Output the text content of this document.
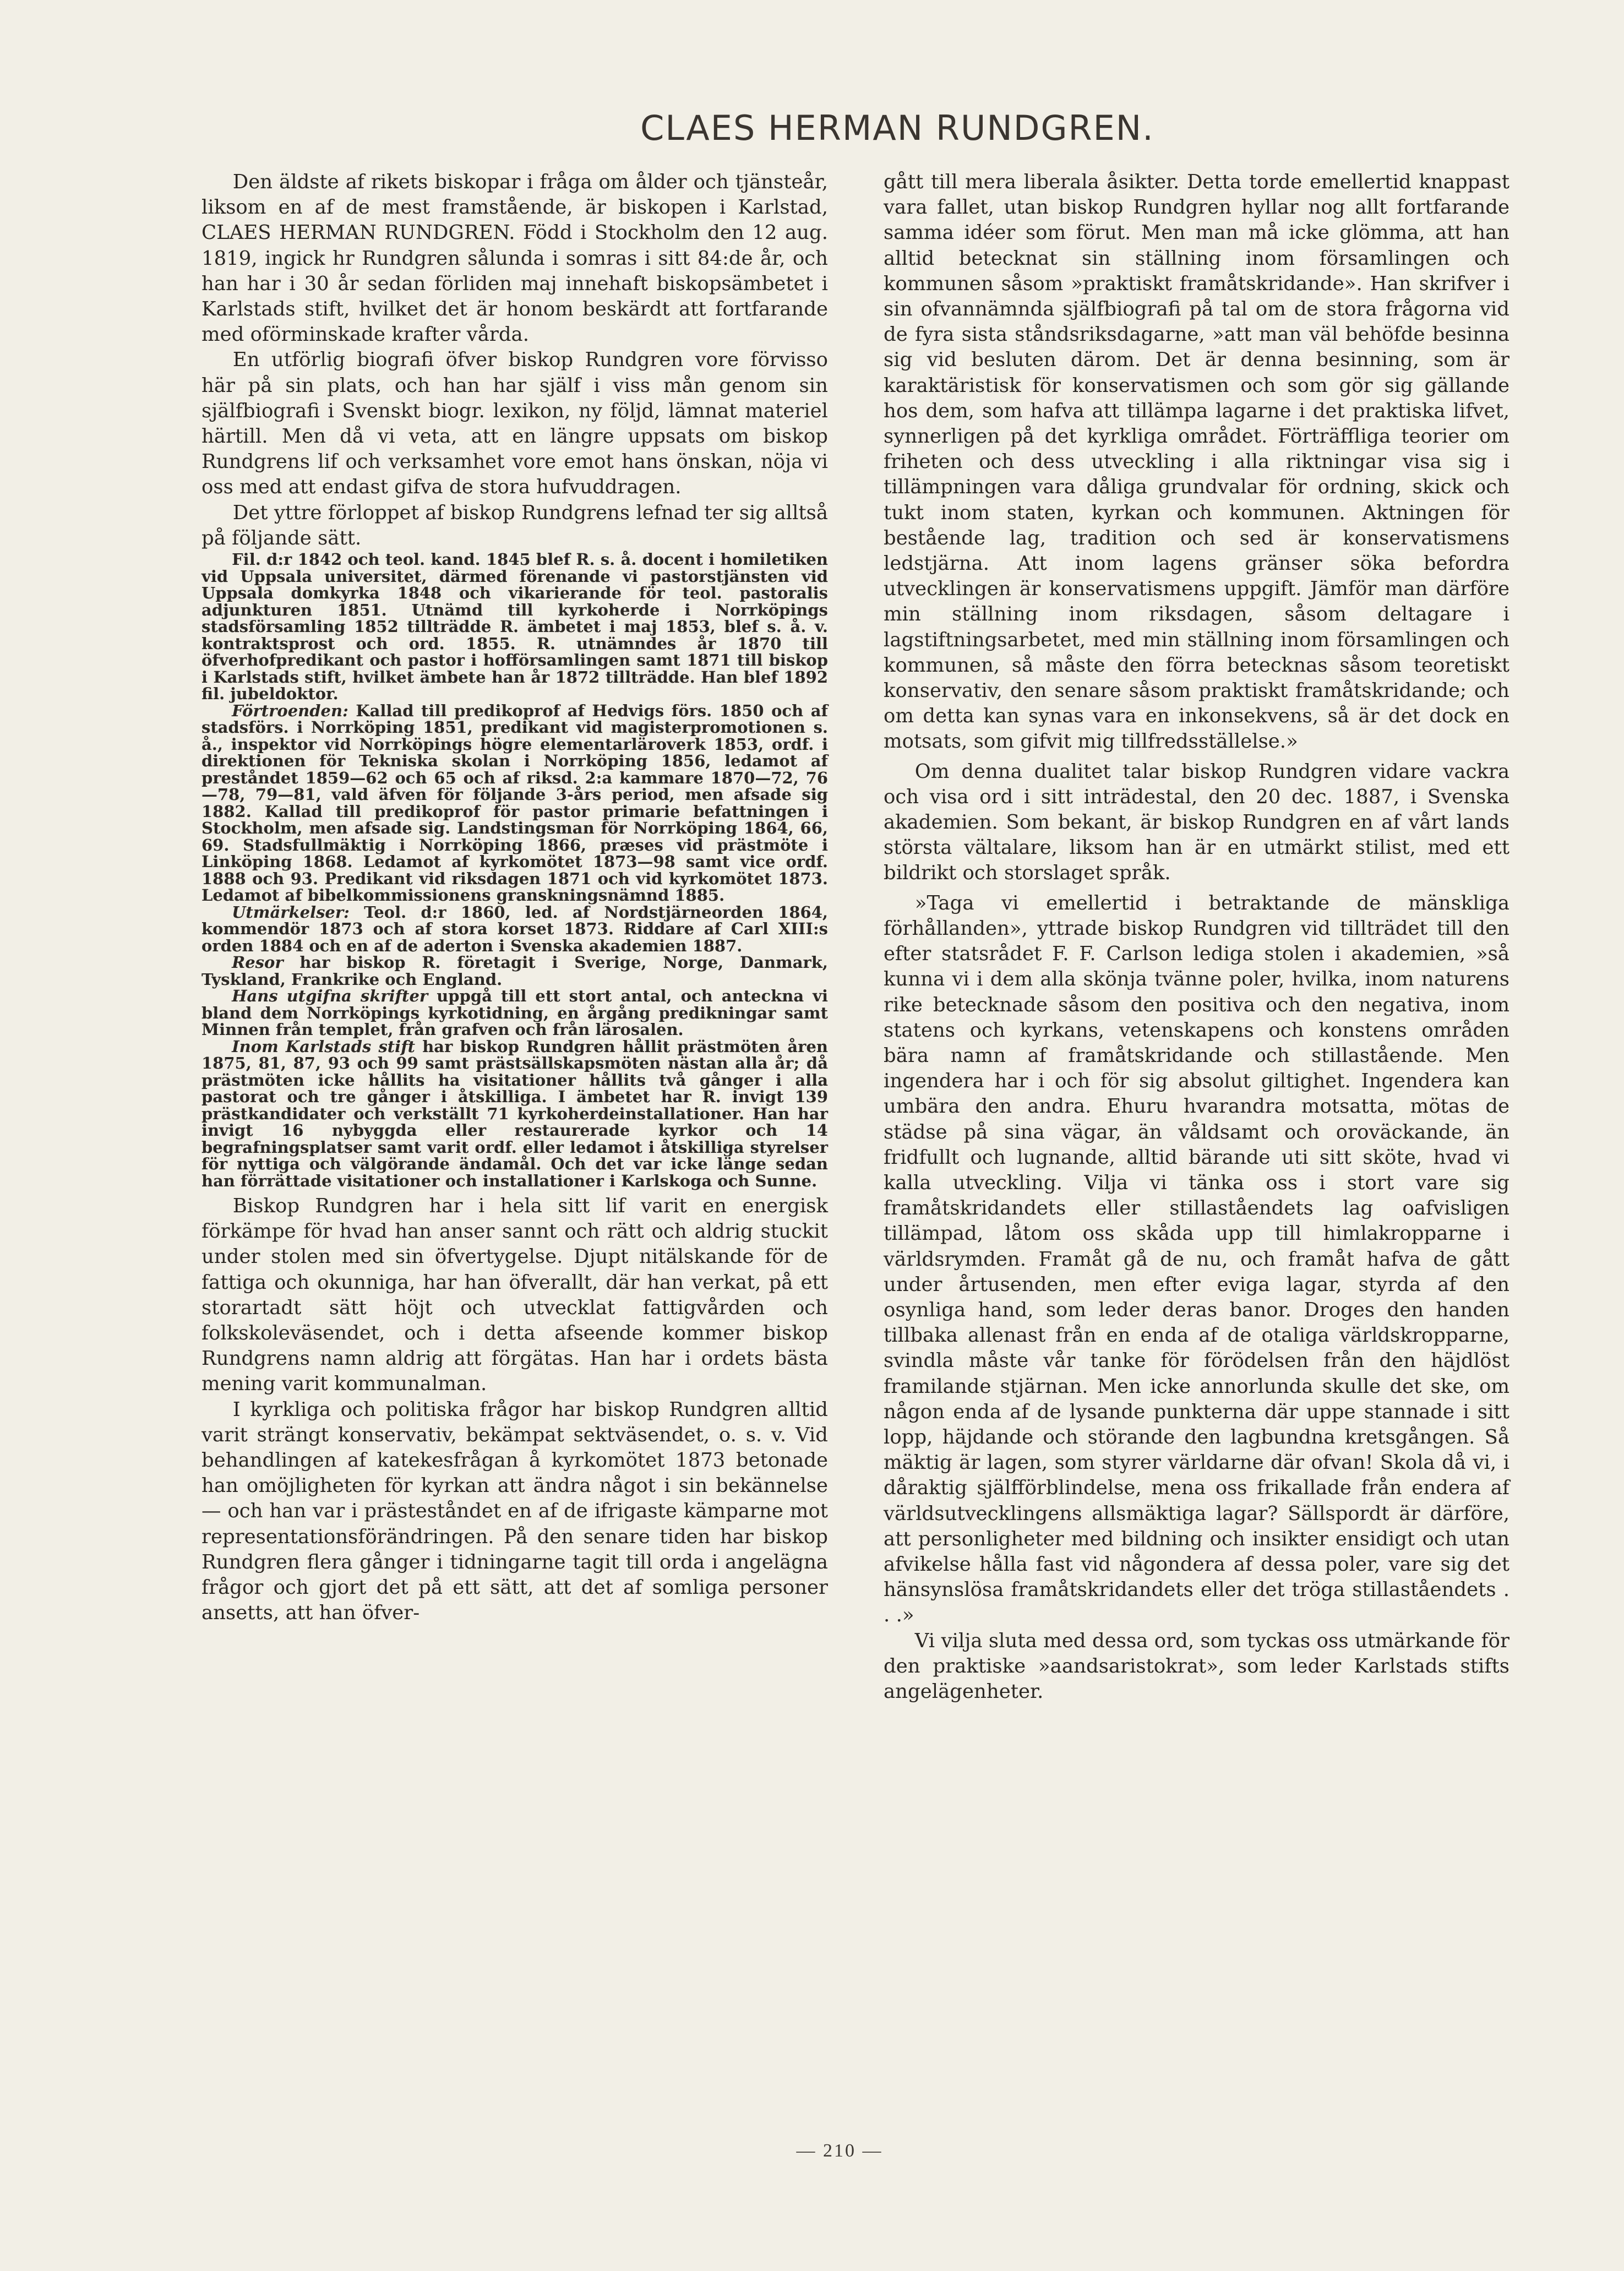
CLAES HERMAN RUNDGREN.

Den äldste af rikets biskopar i fråga om ålder och tjänsteår, liksom en af de mest framstående, är biskopen i Karlstad, CLAES HERMAN RUNDGREN. Född i Stockholm den 12 aug. 1819, ingick hr Rundgren sålunda i somras i sitt 84:de år, och han har i 30 år sedan förliden maj innehaft biskopsämbetet i Karlstads stift, hvilket det är honom beskärdt att fortfarande med oförminskade krafter vårda.

En utförlig biografi öfver biskop Rundgren vore förvisso här på sin plats, och han har själf i viss mån genom sin själfbiografi i Svenskt biogr. lexikon, ny följd, lämnat materiel härtill. Men då vi veta, att en längre uppsats om biskop Rundgrens lif och verksamhet vore emot hans önskan, nöja vi oss med att endast gifva de stora hufvuddragen.

Det yttre förloppet af biskop Rundgrens lefnad ter sig alltså på följande sätt.

Fil. d:r 1842 och teol. kand. 1845 blef R. s. å. docent i homiletiken vid Uppsala universitet, därmed förenande vi pastorstjänsten vid Uppsala domkyrka 1848 och vikarierande för teol. pastoralis adjunkturen 1851. Utnämd till kyrkoherde i Norrköpings stadsförsamling 1852 tillträdde R. ämbetet i maj 1853, blef s. å. v. kontraktsprost och ord. 1855. R. utnämndes år 1870 till öfverhofpredikant och pastor i hofförsamlingen samt 1871 till biskop i Karlstads stift, hvilket ämbete han år 1872 tillträdde. Han blef 1892 fil. jubeldoktor.

Förtroenden: Kallad till predikoprof af Hedvigs förs. 1850 och af stadsförs. i Norrköping 1851, predikant vid magisterpromotionen s. å., inspektor vid Norrköpings högre elementarläroverk 1853, ordf. i direktionen för Tekniska skolan i Norrköping 1856, ledamot af preståndet 1859—62 och 65 och af riksd. 2:a kammare 1870—72, 76—78, 79—81, vald äfven för följande 3-års period, men afsade sig 1882. Kallad till predikoprof för pastor primarie befattningen i Stockholm, men afsade sig. Landstingsman för Norrköping 1864, 66, 69. Stadsfullmäktig i Norrköping 1866, præses vid prästmöte i Linköping 1868. Ledamot af kyrkomötet 1873—98 samt vice ordf. 1888 och 93. Predikant vid riksdagen 1871 och vid kyrkomötet 1873. Ledamot af bibelkommissionens granskningsnämnd 1885.

Utmärkelser: Teol. d:r 1860, led. af Nordstjärneorden 1864, kommendör 1873 och af stora korset 1873. Riddare af Carl XIII:s orden 1884 och en af de aderton i Svenska akademien 1887.

Resor har biskop R. företagit i Sverige, Norge, Danmark, Tyskland, Frankrike och England.

Hans utgifna skrifter uppgå till ett stort antal, och anteckna vi bland dem Norrköpings kyrkotidning, en årgång predikningar samt Minnen från templet, från grafven och från lärosalen.

Inom Karlstads stift har biskop Rundgren hållit prästmöten åren 1875, 81, 87, 93 och 99 samt prästsällskapsmöten nästan alla år; då prästmöten icke hållits ha visitationer hållits två gånger i alla pastorat och tre gånger i åtskilliga. I ämbetet har R. invigt 139 prästkandidater och verkställt 71 kyrkoherdeinstallationer. Han har invigt 16 nybyggda eller restaurerade kyrkor och 14 begrafningsplatser samt varit ordf. eller ledamot i åtskilliga styrelser för nyttiga och välgörande ändamål. Och det var icke länge sedan han förrättade visitationer och installationer i Karlskoga och Sunne.

Biskop Rundgren har i hela sitt lif varit en energisk förkämpe för hvad han anser sannt och rätt och aldrig stuckit under stolen med sin öfvertygelse. Djupt nitälskande för de fattiga och okunniga, har han öfverallt, där han verkat, på ett storartadt sätt höjt och utvecklat fattigvården och folkskoleväsendet, och i detta afseende kommer biskop Rundgrens namn aldrig att förgätas. Han har i ordets bästa mening varit kommunalman.

I kyrkliga och politiska frågor har biskop Rundgren alltid varit strängt konservativ, bekämpat sektväsendet, o. s. v. Vid behandlingen af katekesfrågan å kyrkomötet 1873 betonade han omöjligheten för kyrkan att ändra något i sin bekännelse — och han var i prästeståndet en af de ifrigaste kämparne mot representationsförändringen. På den senare tiden har biskop Rundgren flera gånger i tidningarne tagit till orda i angelägna frågor och gjort det på ett sätt, att det af somliga personer ansetts, att han öfver-

gått till mera liberala åsikter. Detta torde emellertid knappast vara fallet, utan biskop Rundgren hyllar nog allt fortfarande samma idéer som förut. Men man må icke glömma, att han alltid betecknat sin ställning inom församlingen och kommunen såsom »praktiskt framåtskridande». Han skrifver i sin ofvannämnda själfbiografi på tal om de stora frågorna vid de fyra sista ståndsriksdagarne, »att man väl behöfde besinna sig vid besluten därom. Det är denna besinning, som är karaktäristisk för konservatismen och som gör sig gällande hos dem, som hafva att tillämpa lagarne i det praktiska lifvet, synnerligen på det kyrkliga området. Förträffliga teorier om friheten och dess utveckling i alla riktningar visa sig i tillämpningen vara dåliga grundvalar för ordning, skick och tukt inom staten, kyrkan och kommunen. Aktningen för bestående lag, tradition och sed är konservatismens ledstjärna. Att inom lagens gränser söka befordra utvecklingen är konservatismens uppgift. Jämför man därföre min ställning inom riksdagen, såsom deltagare i lagstiftningsarbetet, med min ställning inom församlingen och kommunen, så måste den förra betecknas såsom teoretiskt konservativ, den senare såsom praktiskt framåtskridande; och om detta kan synas vara en inkonsekvens, så är det dock en motsats, som gifvit mig tillfredsställelse.»

Om denna dualitet talar biskop Rundgren vidare vackra och visa ord i sitt inträdestal, den 20 dec. 1887, i Svenska akademien. Som bekant, är biskop Rundgren en af vårt lands största vältalare, liksom han är en utmärkt stilist, med ett bildrikt och storslaget språk.

»Taga vi emellertid i betraktande de mänskliga förhållanden», yttrade biskop Rundgren vid tillträdet till den efter statsrådet F. F. Carlson lediga stolen i akademien, »så kunna vi i dem alla skönja tvänne poler, hvilka, inom naturens rike betecknade såsom den positiva och den negativa, inom statens och kyrkans, vetenskapens och konstens områden bära namn af framåtskridande och stillastående. Men ingendera har i och för sig absolut giltighet. Ingendera kan umbära den andra. Ehuru hvarandra motsatta, mötas de städse på sina vägar, än våldsamt och oroväckande, än fridfullt och lugnande, alltid bärande uti sitt sköte, hvad vi kalla utveckling. Vilja vi tänka oss i stort vare sig framåtskridandets eller stillaståendets lag oafvisligen tillämpad, låtom oss skåda upp till himlakropparne i världsrymden. Framåt gå de nu, och framåt hafva de gått under årtusenden, men efter eviga lagar, styrda af den osynliga hand, som leder deras banor. Droges den handen tillbaka allenast från en enda af de otaliga världskropparne, svindla måste vår tanke för förödelsen från den häjdlöst framilande stjärnan. Men icke annorlunda skulle det ske, om någon enda af de lysande punkterna där uppe stannade i sitt lopp, häjdande och störande den lagbundna kretsgången. Så mäktig är lagen, som styrer världarne där ofvan! Skola då vi, i dåraktig själfförblindelse, mena oss frikallade från endera af världsutvecklingens allsmäktiga lagar? Sällspordt är därföre, att personligheter med bildning och insikter ensidigt och utan afvikelse hålla fast vid någondera af dessa poler, vare sig det hänsynslösa framåtskridandets eller det tröga stillaståendets . . .»

Vi vilja sluta med dessa ord, som tyckas oss utmärkande för den praktiske »aandsaristokrat», som leder Karlstads stifts angelägenheter.

— 210 —
